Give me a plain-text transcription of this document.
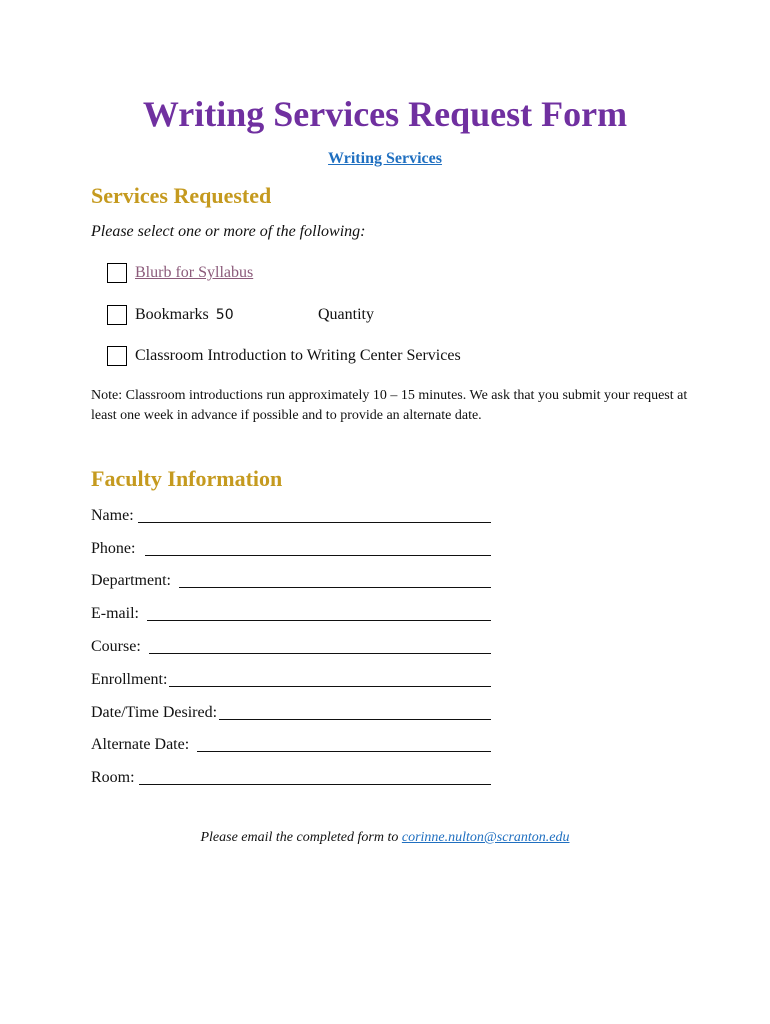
Writing Services Request Form
Writing Services
Services Requested
Please select one or more of the following:
Blurb for Syllabus
Bookmarks 50	Quantity
Classroom Introduction to Writing Center Services
Note: Classroom introductions run approximately 10 – 15 minutes. We ask that you submit your request at least one week in advance if possible and to provide an alternate date.
Faculty Information
Name:
Phone:
Department:
E-mail:
Course:
Enrollment:
Date/Time Desired:
Alternate Date:
Room:
Please email the completed form to corinne.nulton@scranton.edu
